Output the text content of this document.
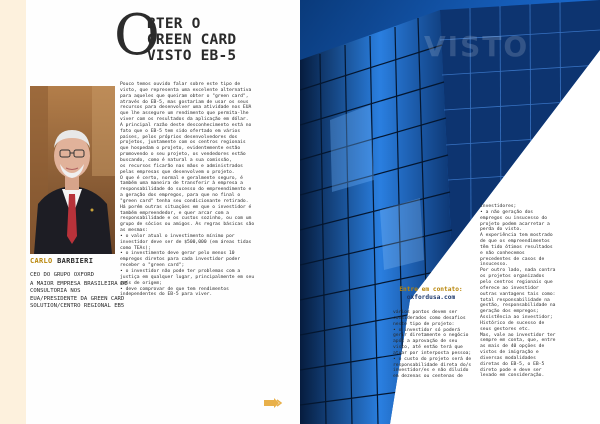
O
BTER O
GREEN CARD
VISTO EB-5
CARLO BARBIERI

CEO DO GRUPO OXFORD

A MAIOR EMPRESA BRASILEIRA DE CONSULTORIA NOS EUA/PRESIDENTE DA GREEN CARD SOLUTION/CENTRO REGIONAL EB5

Pouco temos ouvido falar sobre este tipo de visto, que representa uma excelente alternativa para aqueles que queiram obter o "green card", através do EB-5, mas gostariam de usar os seus recursos para desenvolver uma atividade nos EUA que lhe assegure um rendimento que permita-lhe viver com os resultados da aplicação em dólar.

A principal razão deste desconhecimento está no fato que o EB-5 tem sido ofertado em vários países, pelos próprios desenvolvedores dos projetos, juntamente com os centros regionais que hospedam o projeto, evidentemente estão promovendo o seu projeto, os vendedores estão buscando, como é natural a sua comissão,

os recursos ficarão nas mãos e administrados pelas empresas que desenvolvem o projeto.

O que é certo, normal e geralmente seguro, é também uma maneira de transferir à empresa a responsabilidade do sucesso do empreendimento e a geração dos empregos, para que no final o "green card" tenha seu condicionante retirado.

Há porém outras situações em que o investidor é também empreendedor, e quer arcar com a responsabilidade e os custos sozinho, ou com um grupo de sócios ou amigos. As regras básicas são as mesmas:

• o valor atual o investimento mínimo por investidor deve ser de $500,000 (em áreas tidas como TEAs);

• o investimento deve gerar pelo menos 10 empregos diretos para cada investidor poder receber o "green card";

• o investidor não pode ter problemas com a justiça em qualquer lugar, principalmente em seu país de origem;

• deve comprovar de que tem rendimentos independentes do EB-5 para viver.

VISTO
Entre em contato:
oxfordusa.com

vários pontos devem ser considerados como desafios neste tipo de projeto:

• o investidor só poderá gerir diretamente o negócio após a aprovação de seu visto, até então terá que atuar por interposta pessoa;

• o custo do projeto será de responsabilidade direta do/s investidor/es e não diluído em dezenas ou centenas de

investidores;

• a não geração dos empregos ou insucesso do projeto podem acarretar a perda do visto.

A experiência tem mostrado de que os empreendimentos têm tido ótimos resultados e não conhecemos precedentes de casos de insucesso.

Por outro lado, nada contra os projetos organizados pelo centros regionais que oferece ao investidor outras vantagens tais como: total responsabilidade na gestão, responsabilidade na geração dos empregos; Assistência ao investidor; Histórico de sucesso de seus gestores etc.

Mas, vale ao investidor ter sempre em conta, que, entre as mais de 40 opções de vistos de imigração e diversas modalidades diretas do EB-5, o EB-5 direto pode e deve ser levado em consideração.
